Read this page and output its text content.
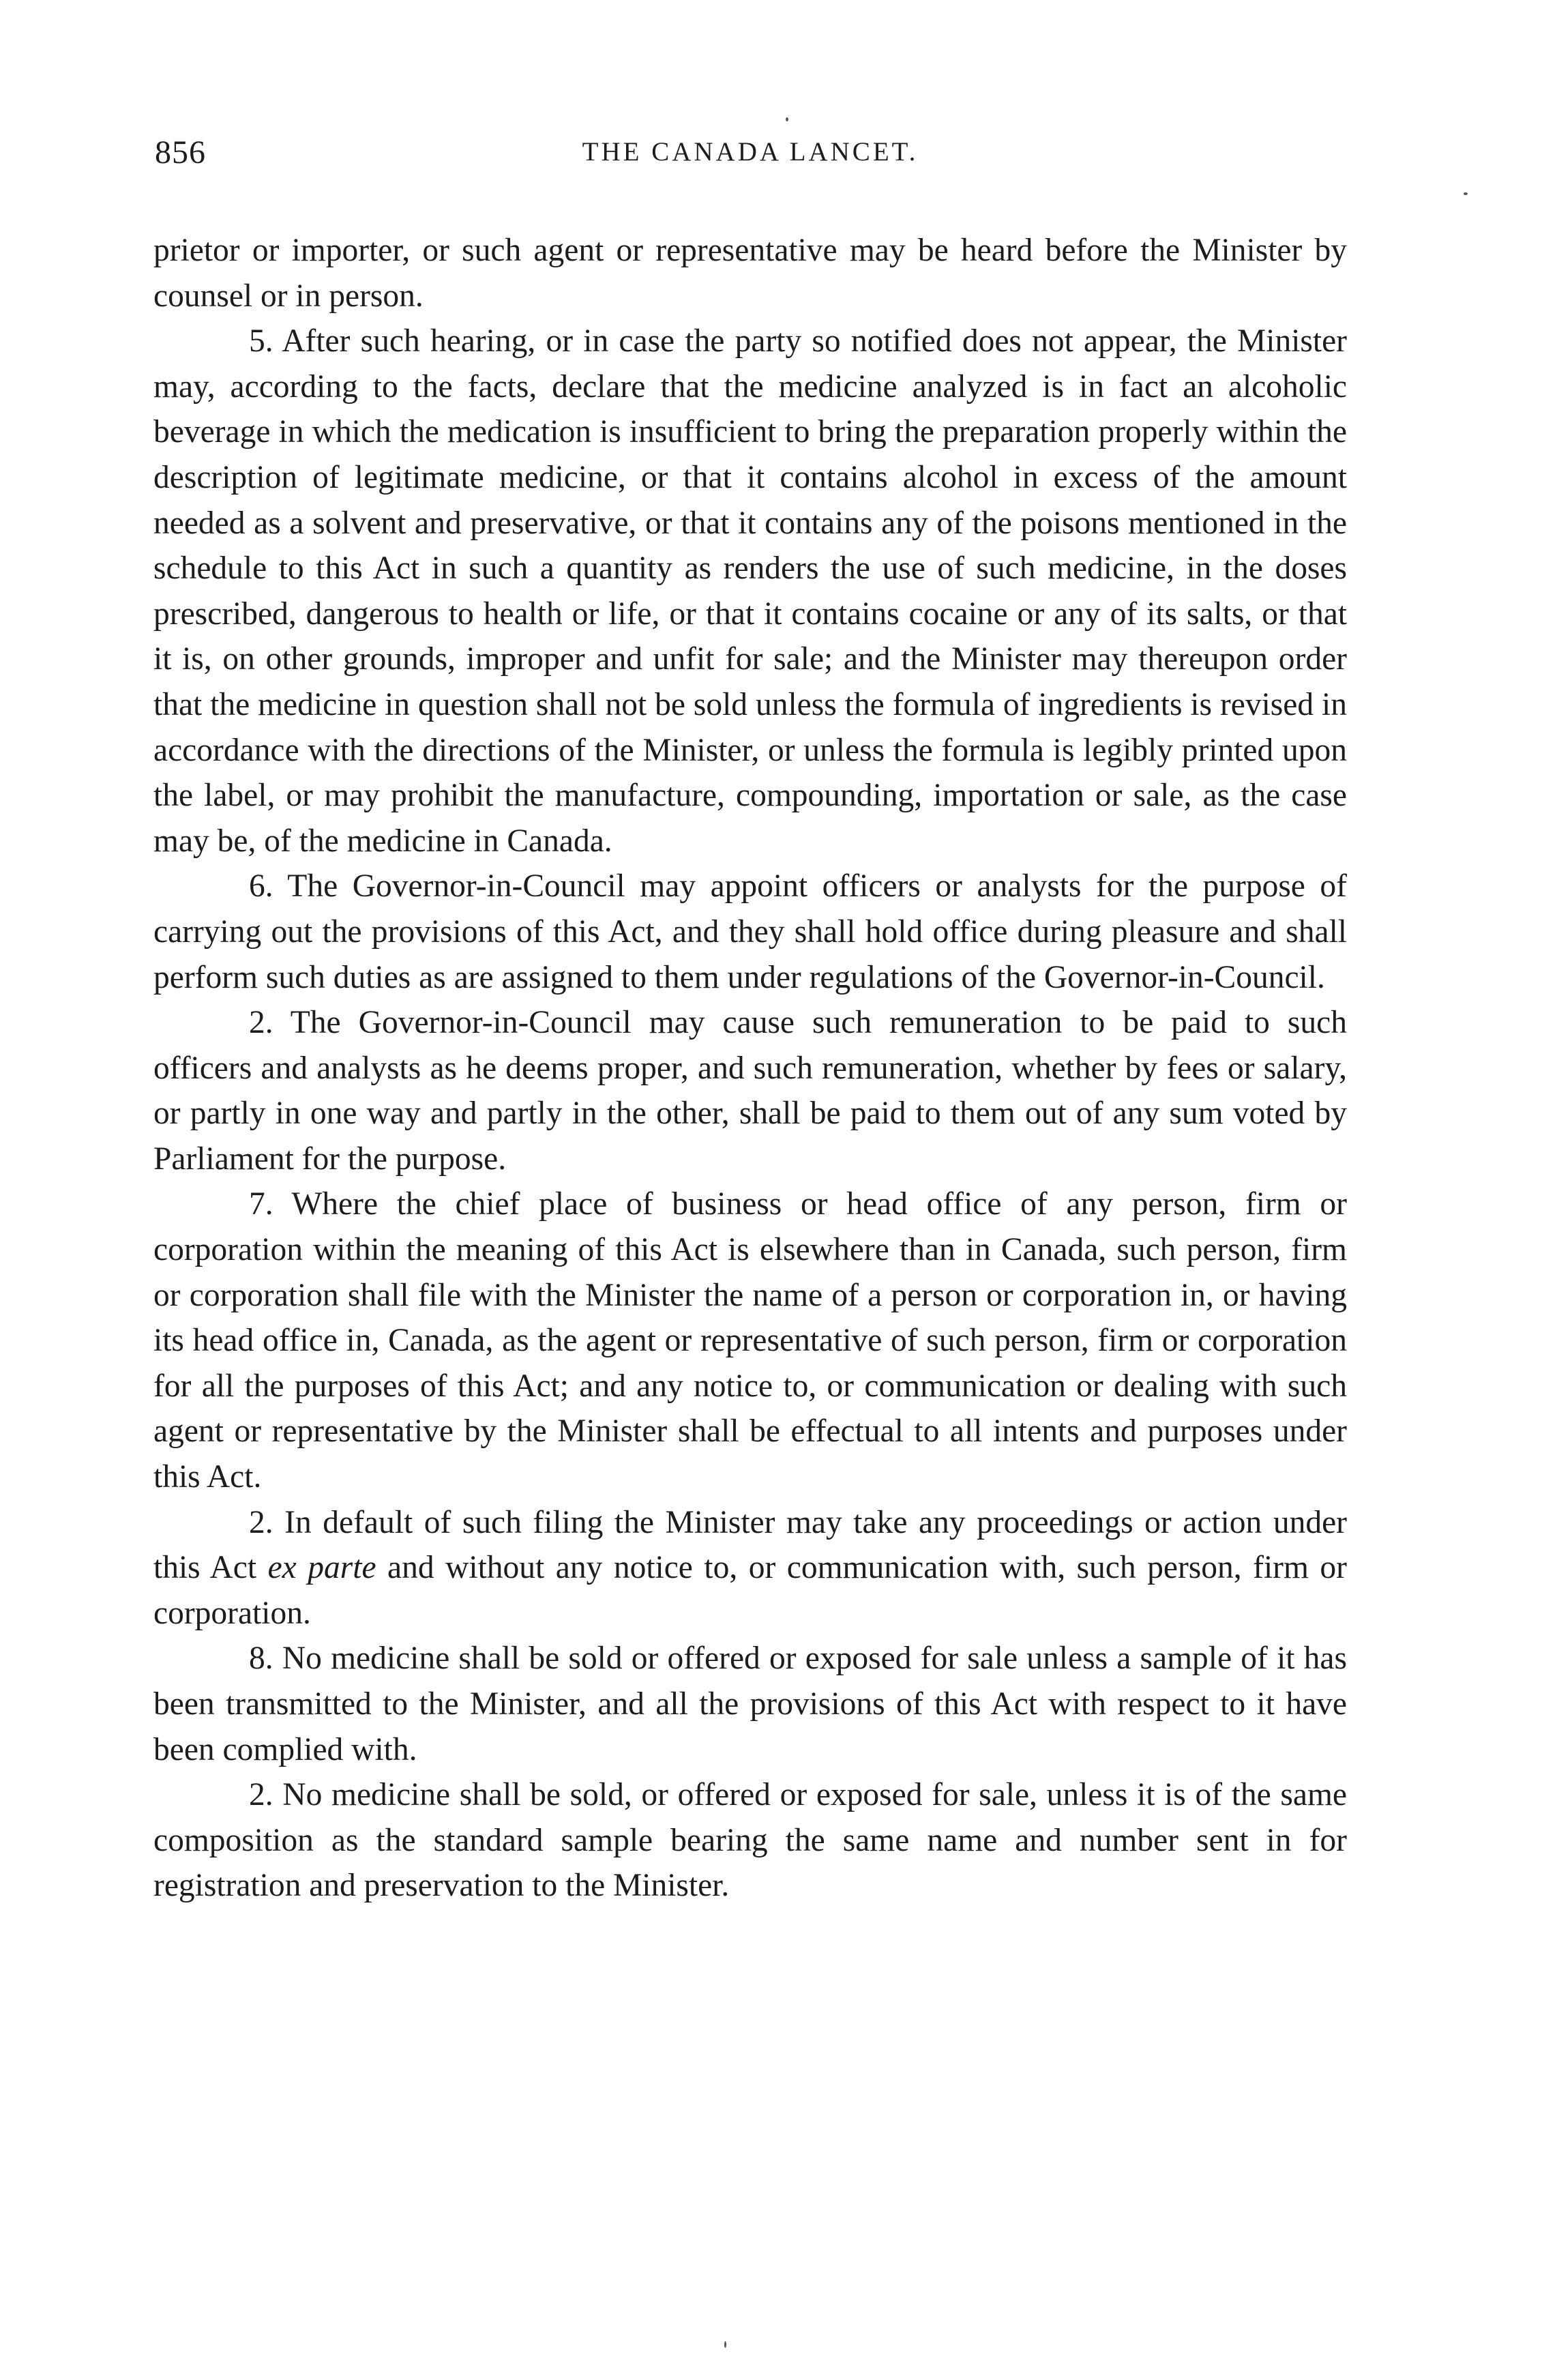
856	THE CANADA LANCET.

prietor or importer, or such agent or representative may be heard before the Minister by counsel or in person.

5. After such hearing, or in case the party so notified does not appear, the Minister may, according to the facts, declare that the medicine analyzed is in fact an alcoholic beverage in which the medication is insufficient to bring the preparation properly within the description of legitimate medicine, or that it contains alcohol in excess of the amount needed as a solvent and preservative, or that it contains any of the poisons mentioned in the schedule to this Act in such a quantity as renders the use of such medicine, in the doses prescribed, dangerous to health or life, or that it contains cocaine or any of its salts, or that it is, on other grounds, improper and unfit for sale; and the Minister may thereupon order that the medicine in question shall not be sold unless the formula of ingredients is revised in accordance with the directions of the Minister, or unless the formula is legibly printed upon the label, or may prohibit the manufacture, compounding, importation or sale, as the case may be, of the medicine in Canada.

6. The Governor-in-Council may appoint officers or analysts for the purpose of carrying out the provisions of this Act, and they shall hold office during pleasure and shall perform such duties as are assigned to them under regulations of the Governor-in-Council.

2. The Governor-in-Council may cause such remuneration to be paid to such officers and analysts as he deems proper, and such remuneration, whether by fees or salary, or partly in one way and partly in the other, shall be paid to them out of any sum voted by Parliament for the purpose.

7. Where the chief place of business or head office of any person, firm or corporation within the meaning of this Act is elsewhere than in Canada, such person, firm or corporation shall file with the Minister the name of a person or corporation in, or having its head office in, Canada, as the agent or representative of such person, firm or corporation for all the purposes of this Act; and any notice to, or communication or dealing with such agent or representative by the Minister shall be effectual to all intents and purposes under this Act.

2. In default of such filing the Minister may take any proceedings or action under this Act ex parte and without any notice to, or communication with, such person, firm or corporation.

8. No medicine shall be sold or offered or exposed for sale unless a sample of it has been transmitted to the Minister, and all the provisions of this Act with respect to it have been complied with.

2. No medicine shall be sold, or offered or exposed for sale, unless it is of the same composition as the standard sample bearing the same name and number sent in for registration and preservation to the Minister.
